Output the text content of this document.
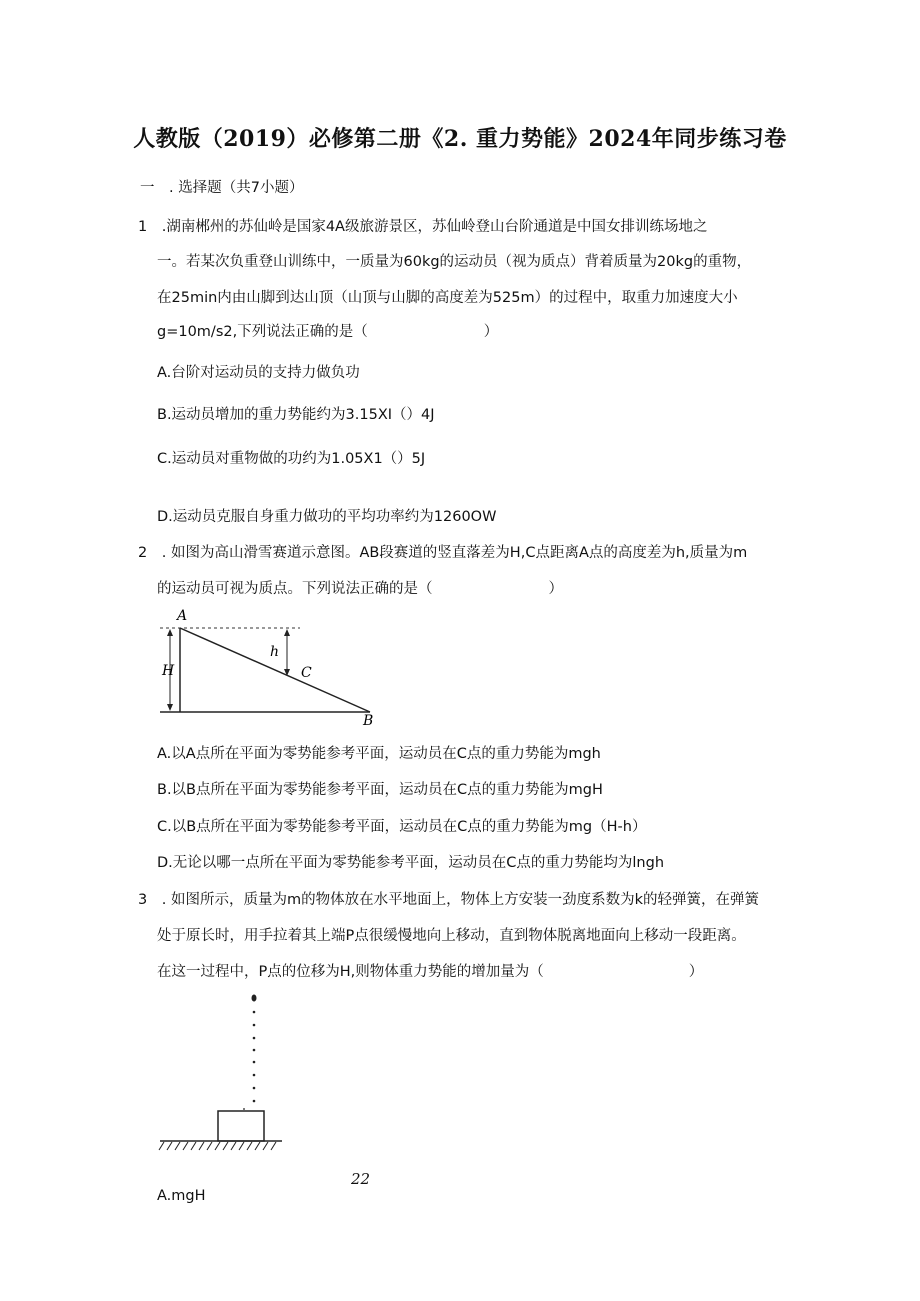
人教版（2019）必修第二册《2. 重力势能》2024年同步练习卷
一　. 选择题（共7小题）
1　.湖南郴州的苏仙岭是国家4A级旅游景区，苏仙岭登山台阶通道是中国女排训练场地之
一。若某次负重登山训练中，一质量为60kg的运动员（视为质点）背着质量为20kg的重物，
在25min内由山脚到达山顶（山顶与山脚的高度差为525m）的过程中，取重力加速度大小
g=10m/s2,下列说法正确的是（　　　　　　　　）
A.台阶对运动员的支持力做负功
B.运动员增加的重力势能约为3.15XI（）4J
C.运动员对重物做的功约为1.05X1（）5J
D.运动员克服自身重力做功的平均功率约为1260OW
2　. 如图为高山滑雪赛道示意图。AB段赛道的竖直落差为H,C点距离A点的高度差为h,质量为m
的运动员可视为质点。下列说法正确的是（　　　　　　　　）
A
H
h
C
B
A.以A点所在平面为零势能参考平面，运动员在C点的重力势能为mgh
B.以B点所在平面为零势能参考平面，运动员在C点的重力势能为mgH
C.以B点所在平面为零势能参考平面，运动员在C点的重力势能为mg（H-h）
D.无论以哪一点所在平面为零势能参考平面，运动员在C点的重力势能均为lngh
3　. 如图所示，质量为m的物体放在水平地面上，物体上方安装一劲度系数为k的轻弹簧，在弹簧
处于原长时，用手拉着其上端P点很缓慢地向上移动，直到物体脱离地面向上移动一段距离。
在这一过程中，P点的位移为H,则物体重力势能的增加量为（　　　　　　　　　　）
22
A.mgH
